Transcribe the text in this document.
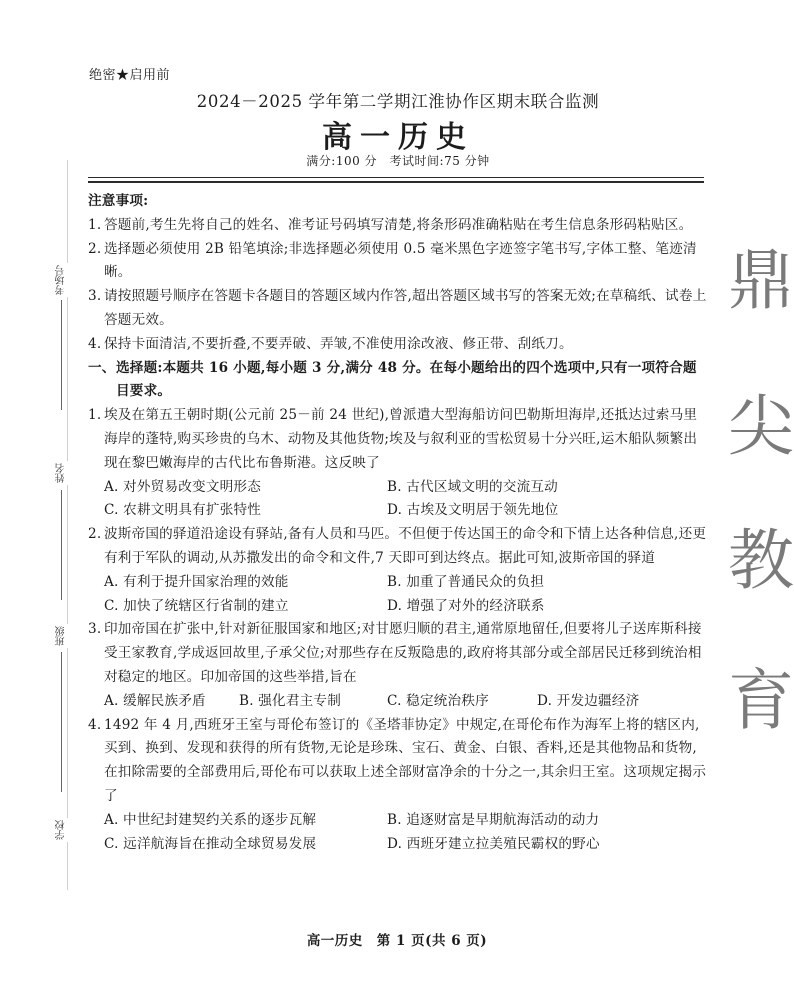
考场号
姓名
班级
学校
鼎
尖
教
育
绝密★启用前
2024－2025 学年第二学期江淮协作区期末联合监测
高一历史
满分:100 分　考试时间:75 分钟
注意事项:
1. 答题前,考生先将自己的姓名、准考证号码填写清楚,将条形码准确粘贴在考生信息条形码粘贴区。
2. 选择题必须使用 2B 铅笔填涂;非选择题必须使用 0.5 毫米黑色字迹签字笔书写,字体工整、笔迹清晰。
3. 请按照题号顺序在答题卡各题目的答题区域内作答,超出答题区域书写的答案无效;在草稿纸、试卷上答题无效。
4. 保持卡面清洁,不要折叠,不要弄破、弄皱,不准使用涂改液、修正带、刮纸刀。
一、 选择题:本题共 16 小题,每小题 3 分,满分 48 分。在每小题给出的四个选项中,只有一项符合题目要求。
1. 埃及在第五王朝时期(公元前 25－前 24 世纪),曾派遣大型海船访问巴勒斯坦海岸,还抵达过索马里海岸的蓬特,购买珍贵的乌木、动物及其他货物;埃及与叙利亚的雪松贸易十分兴旺,运木船队频繁出现在黎巴嫩海岸的古代比布鲁斯港。这反映了
A. 对外贸易改变文明形态	B. 古代区域文明的交流互动
C. 农耕文明具有扩张特性	D. 古埃及文明居于领先地位
2. 波斯帝国的驿道沿途设有驿站,备有人员和马匹。不但便于传达国王的命令和下情上达各种信息,还更有利于军队的调动,从苏撒发出的命令和文件,7 天即可到达终点。据此可知,波斯帝国的驿道
A. 有利于提升国家治理的效能	B. 加重了普通民众的负担
C. 加快了统辖区行省制的建立	D. 增强了对外的经济联系
3. 印加帝国在扩张中,针对新征服国家和地区;对甘愿归顺的君主,通常原地留任,但要将儿子送库斯科接受王家教育,学成返回故里,子承父位;对那些存在反叛隐患的,政府将其部分或全部居民迁移到统治相对稳定的地区。印加帝国的这些举措,旨在
A. 缓解民族矛盾	B. 强化君主专制	C. 稳定统治秩序	D. 开发边疆经济
4. 1492 年 4 月,西班牙王室与哥伦布签订的《圣塔菲协定》中规定,在哥伦布作为海军上将的辖区内,买到、换到、发现和获得的所有货物,无论是珍珠、宝石、黄金、白银、香料,还是其他物品和货物,在扣除需要的全部费用后,哥伦布可以获取上述全部财富净余的十分之一,其余归王室。这项规定揭示了
A. 中世纪封建契约关系的逐步瓦解	B. 追逐财富是早期航海活动的动力
C. 远洋航海旨在推动全球贸易发展	D. 西班牙建立拉美殖民霸权的野心
高一历史　第 1 页(共 6 页)
